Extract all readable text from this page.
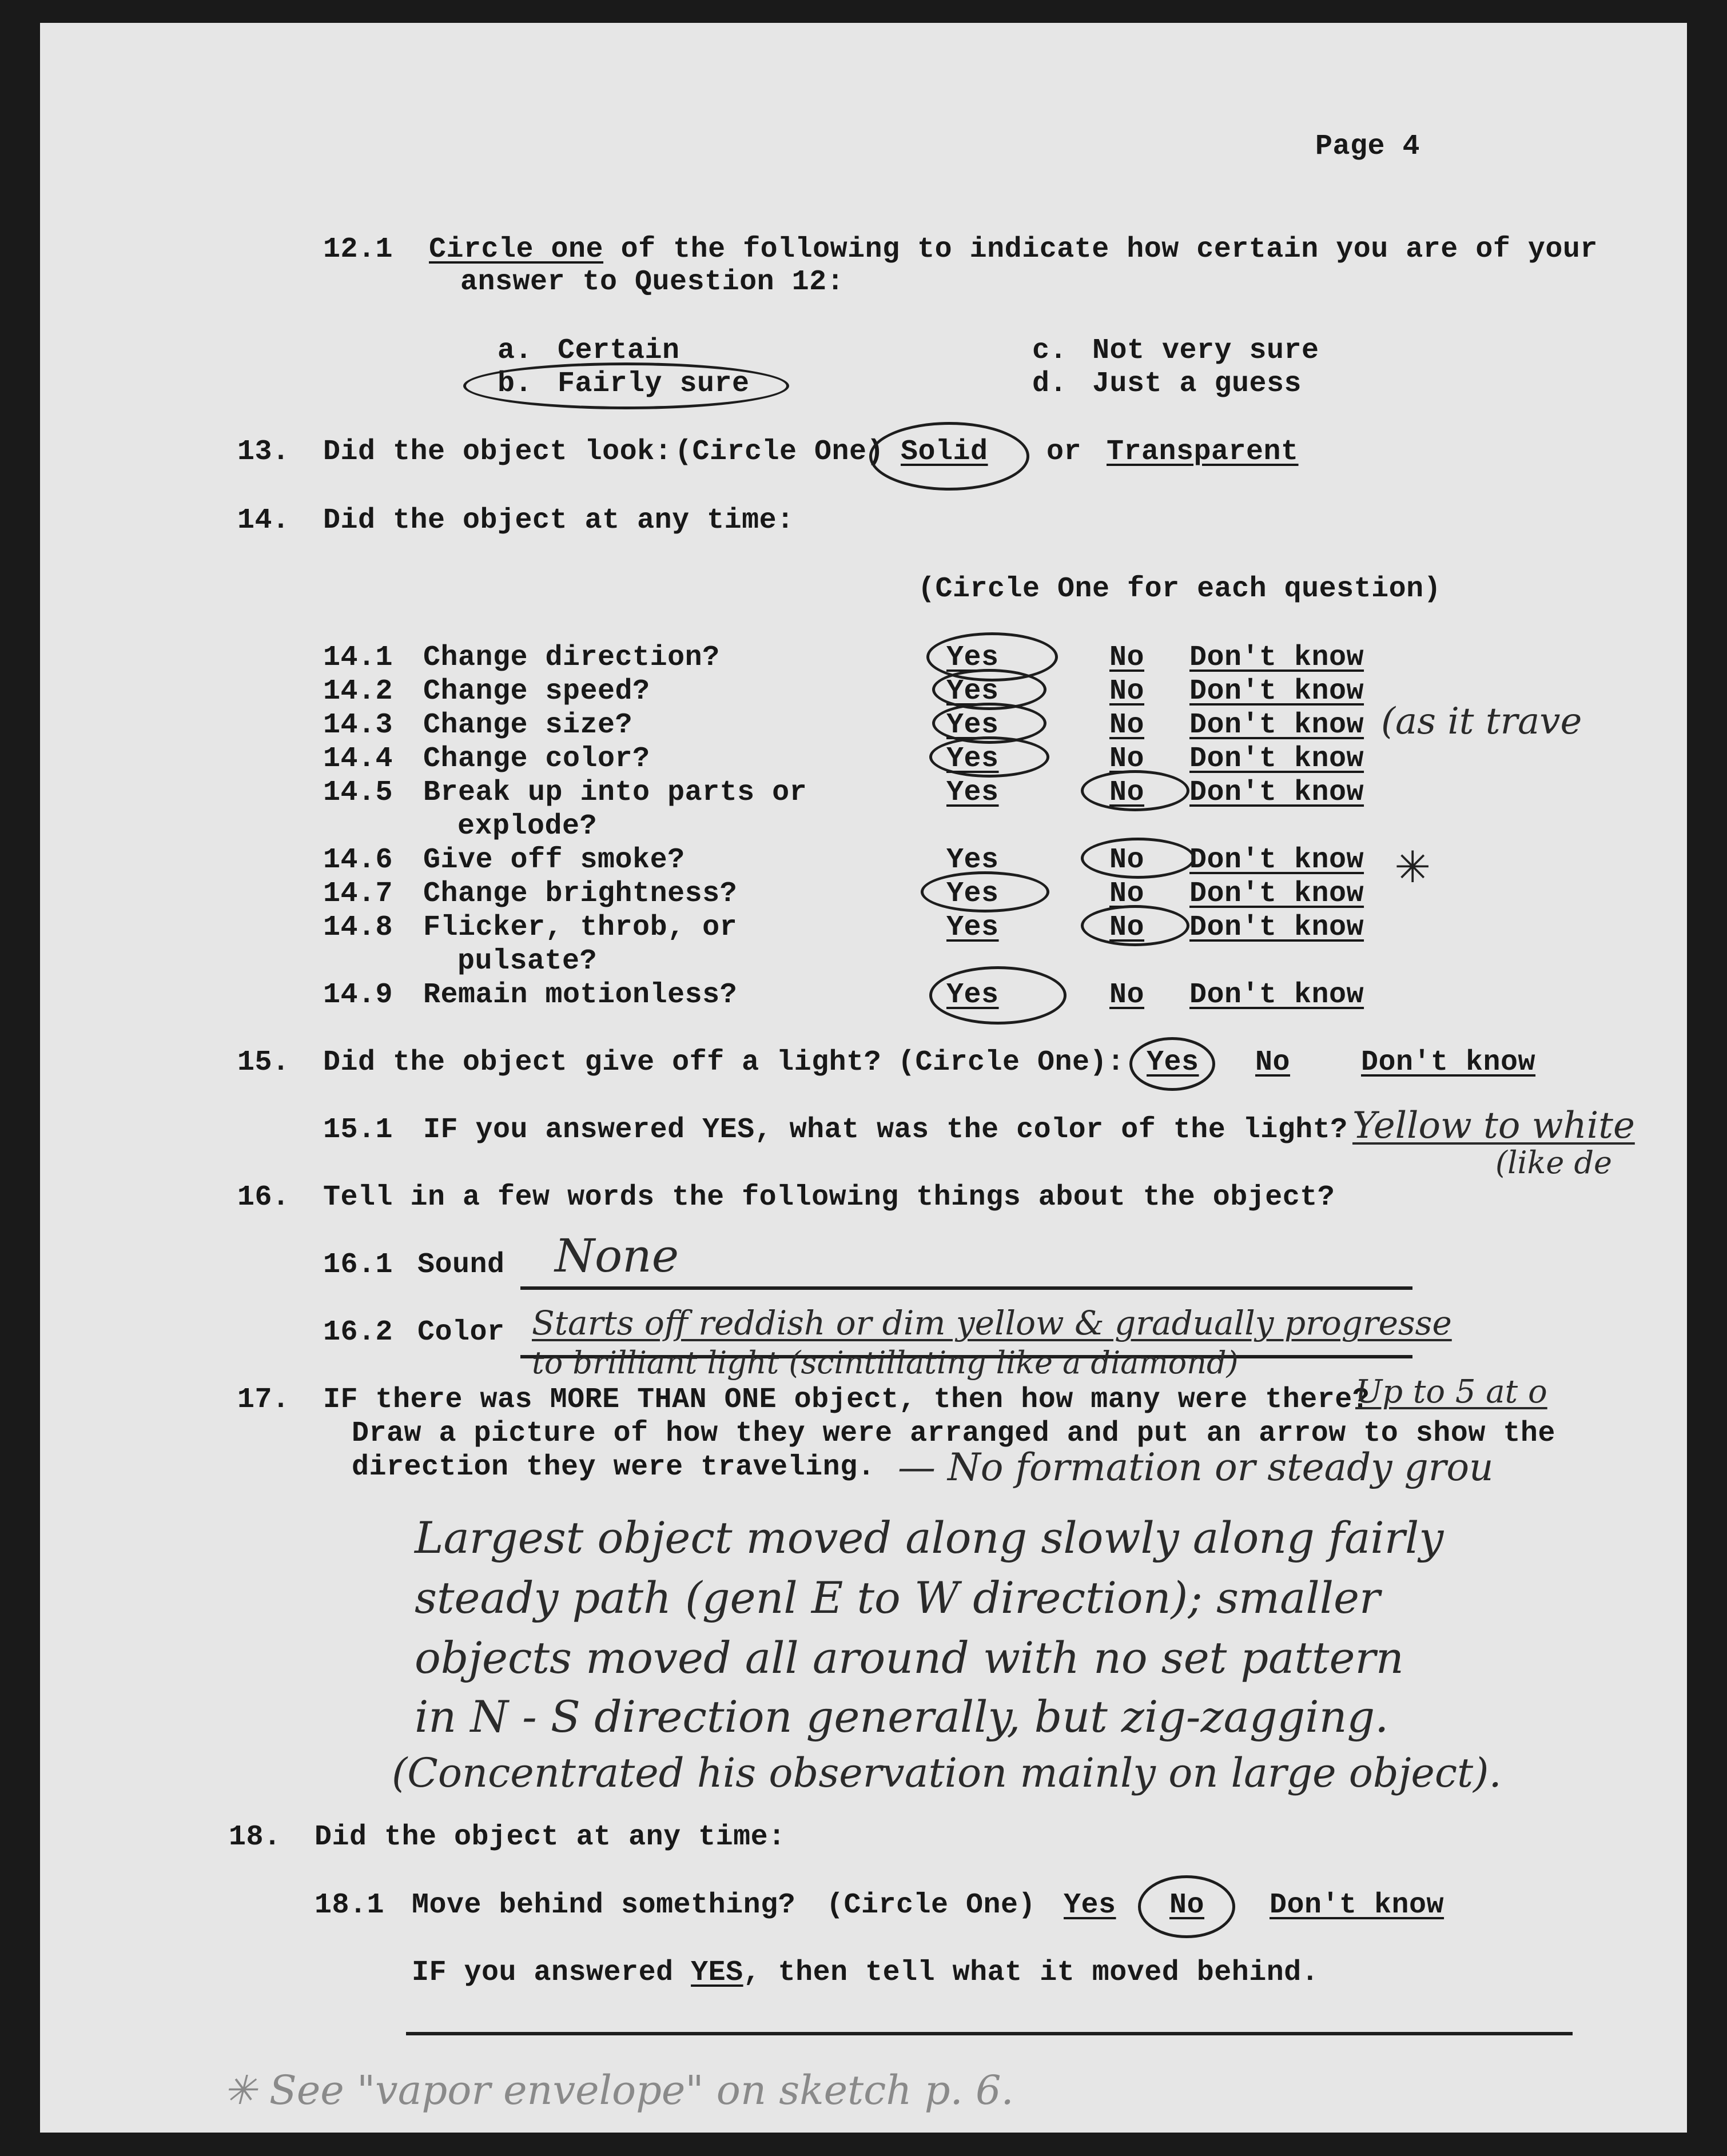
Page 4
12.1 Circle one of the following to indicate how certain you are of your
answer to Question 12:
a. Certain
b. Fairly sure
c. Not very sure
d. Just a guess
13. Did the object look: (Circle One) Solid or Transparent
14. Did the object at any time:
(Circle One for each question)
14.1 Change direction?	Yes	No Don't know
14.2 Change speed?	Yes	No Don't know
14.3 Change size?	Yes	No Don't know (as it trave
14.4 Change color?	Yes	No Don't know
14.5 Break up into parts or
explode?
Yes	No Don't know
14.6 Give off smoke?	Yes	No Don't know ✳
14.7 Change brightness?	Yes	No Don't know
14.8 Flicker, throb, or
pulsate?
Yes	No Don't know
14.9 Remain motionless?	Yes	No Don't know
15. Did the object give off a light? (Circle One): Yes No Don't know
15.1 IF you answered YES, what was the color of the light? Yellow to white
(like de
16. Tell in a few words the following things about the object?
16.1 Sound None
16.2 Color Starts off reddish or dim yellow & gradually progresse
to brilliant light (scintillating like a diamond)
17. IF there was MORE THAN ONE object, then how many were there?
Up to 5 at o
Draw a picture of how they were arranged and put an arrow to show the
direction they were traveling. — No formation or steady grou
Largest object moved along slowly along fairly
steady path (genl E to W direction); smaller
objects moved all around with no set pattern
in N - S direction generally, but zig-zagging.
(Concentrated his observation mainly on large object).
18. Did the object at any time:
18.1 Move behind something? (Circle One) Yes No Don't know
IF you answered YES, then tell what it moved behind.
✳ See "vapor envelope" on sketch p. 6.
